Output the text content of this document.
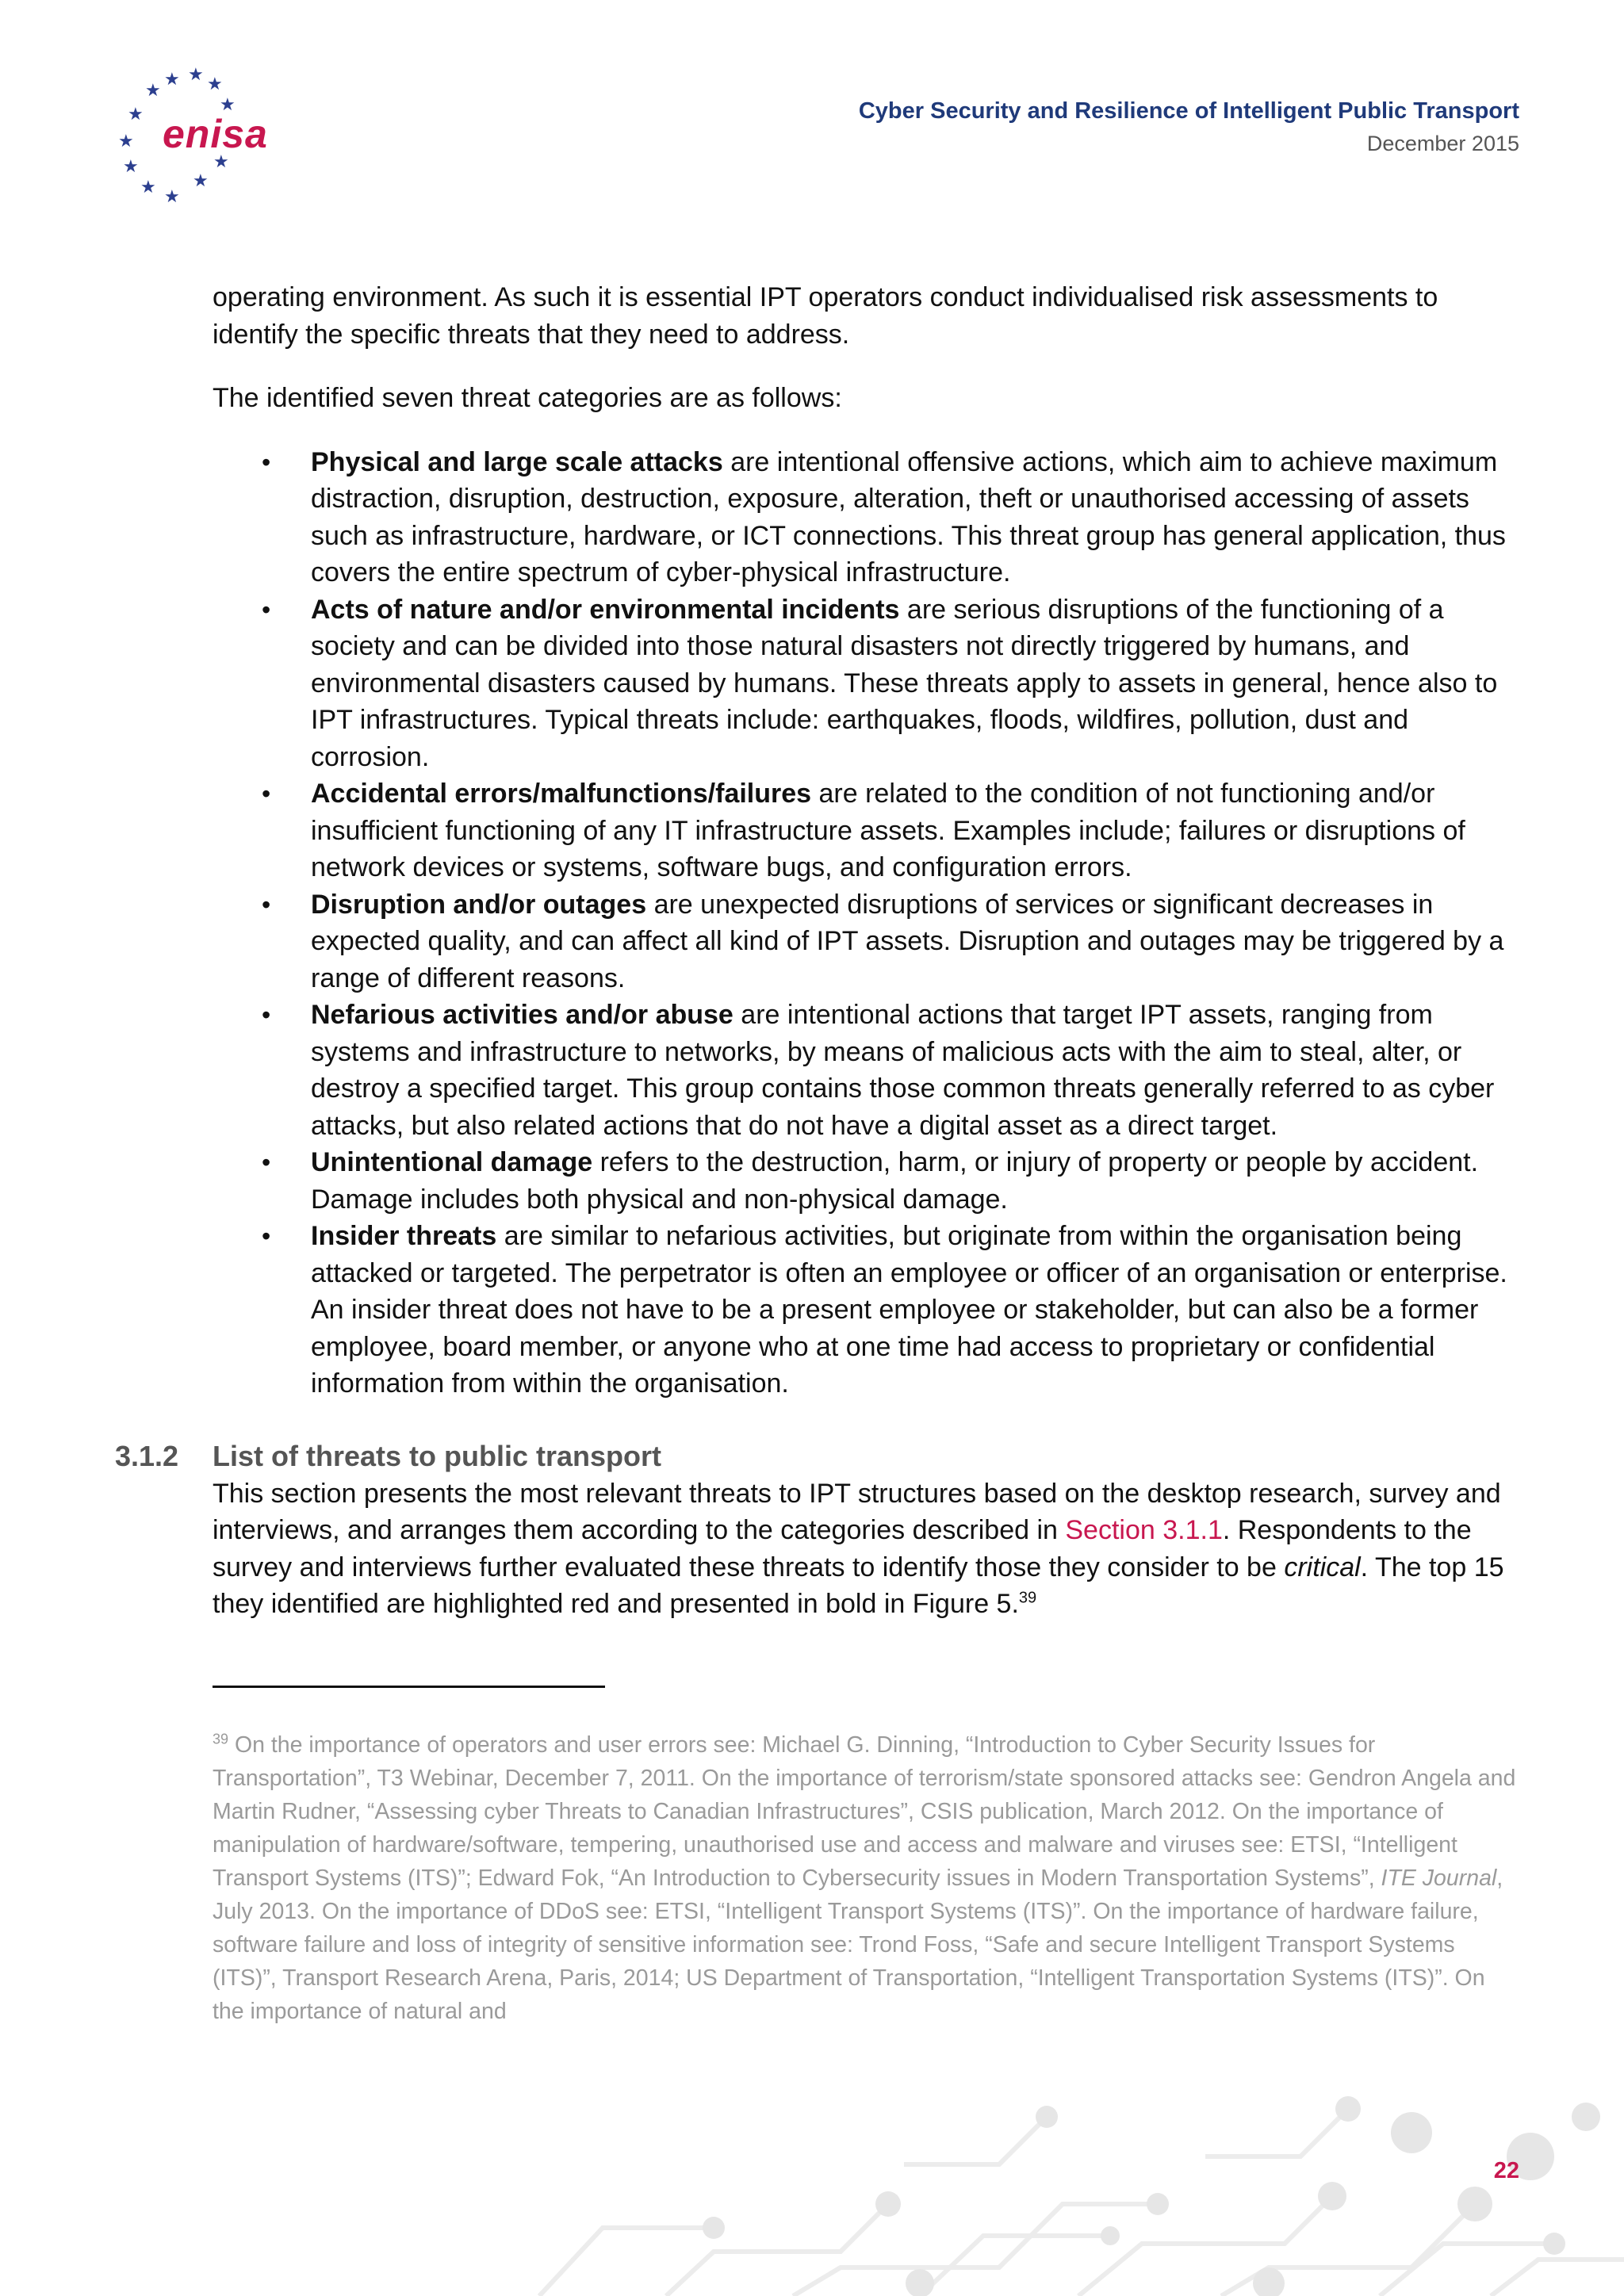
★ ★ ★
★
★
★
★
★ ★
★
★
★
enisa
Cyber Security and Resilience of Intelligent Public Transport
December 2015

operating environment. As such it is essential IPT operators conduct individualised risk assessments to identify the specific threats that they need to address.

The identified seven threat categories are as follows:

• Physical and large scale attacks are intentional offensive actions, which aim to achieve maximum distraction, disruption, destruction, exposure, alteration, theft or unauthorised accessing of assets such as infrastructure, hardware, or ICT connections. This threat group has general application, thus covers the entire spectrum of cyber-physical infrastructure.
• Acts of nature and/or environmental incidents are serious disruptions of the functioning of a society and can be divided into those natural disasters not directly triggered by humans, and environmental disasters caused by humans. These threats apply to assets in general, hence also to IPT infrastructures. Typical threats include: earthquakes, floods, wildfires, pollution, dust and corrosion.
• Accidental errors/malfunctions/failures are related to the condition of not functioning and/or insufficient functioning of any IT infrastructure assets. Examples include; failures or disruptions of network devices or systems, software bugs, and configuration errors.
• Disruption and/or outages are unexpected disruptions of services or significant decreases in expected quality, and can affect all kind of IPT assets. Disruption and outages may be triggered by a range of different reasons.
• Nefarious activities and/or abuse are intentional actions that target IPT assets, ranging from systems and infrastructure to networks, by means of malicious acts with the aim to steal, alter, or destroy a specified target. This group contains those common threats generally referred to as cyber attacks, but also related actions that do not have a digital asset as a direct target.
• Unintentional damage refers to the destruction, harm, or injury of property or people by accident. Damage includes both physical and non-physical damage.
• Insider threats are similar to nefarious activities, but originate from within the organisation being attacked or targeted. The perpetrator is often an employee or officer of an organisation or enterprise. An insider threat does not have to be a present employee or stakeholder, but can also be a former employee, board member, or anyone who at one time had access to proprietary or confidential information from within the organisation.
3.1.2	List of threats to public transport

This section presents the most relevant threats to IPT structures based on the desktop research, survey and interviews, and arranges them according to the categories described in Section 3.1.1. Respondents to the survey and interviews further evaluated these threats to identify those they consider to be critical. The top 15 they identified are highlighted red and presented in bold in Figure 5.39

$^{39}$ On the importance of operators and user errors see: Michael G. Dinning, “Introduction to Cyber Security Issues for Transportation”, T3 Webinar, December 7, 2011. On the importance of terrorism/state sponsored attacks see: Gendron Angela and Martin Rudner, “Assessing cyber Threats to Canadian Infrastructures”, CSIS publication, March 2012. On the importance of manipulation of hardware/software, tempering, unauthorised use and access and malware and viruses see: ETSI, “Intelligent Transport Systems (ITS)”; Edward Fok, “An Introduction to Cybersecurity issues in Modern Transportation Systems”, ITE Journal, July 2013. On the importance of DDoS see: ETSI, “Intelligent Transport Systems (ITS)”. On the importance of hardware failure, software failure and loss of integrity of sensitive information see: Trond Foss, “Safe and secure Intelligent Transport Systems (ITS)”, Transport Research Arena, Paris, 2014; US Department of Transportation, “Intelligent Transportation Systems (ITS)”. On the importance of natural and
22
